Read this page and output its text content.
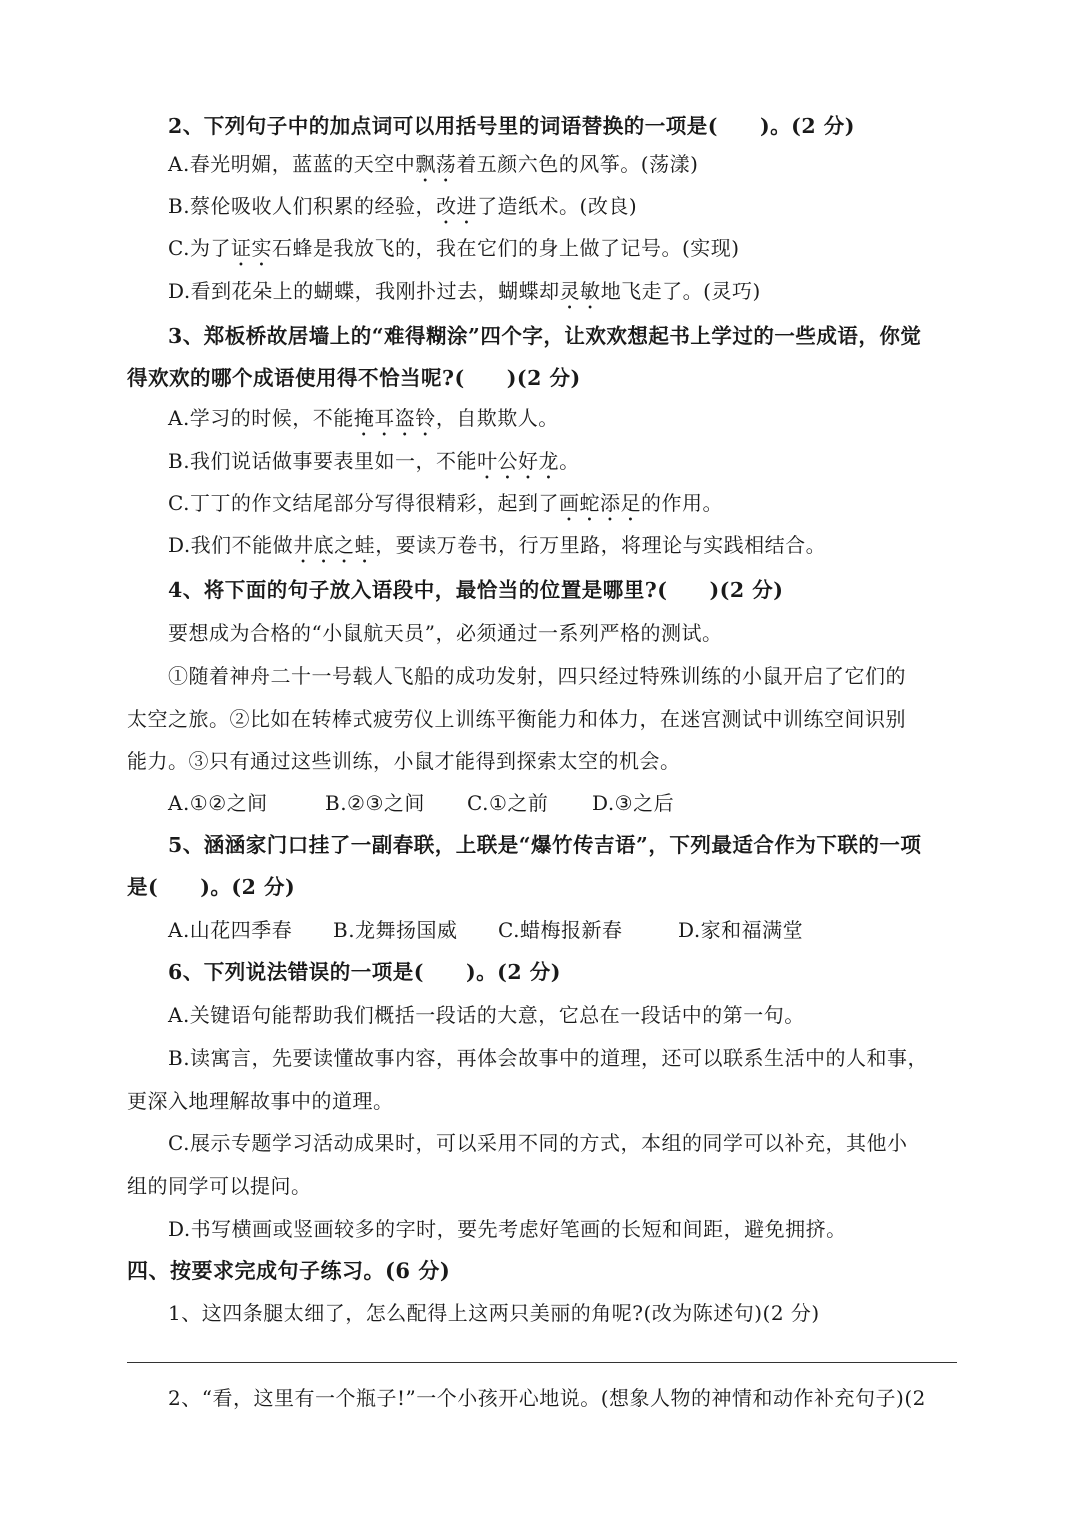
2、下列句子中的加点词可以用括号里的词语替换的一项是(　　)。(2 分)
A.春光明媚，蓝蓝的天空中飘荡着五颜六色的风筝。(荡漾)
B.蔡伦吸收人们积累的经验，改进了造纸术。(改良)
C.为了证实石蜂是我放飞的，我在它们的身上做了记号。(实现)
D.看到花朵上的蝴蝶，我刚扑过去，蝴蝶却灵敏地飞走了。(灵巧)
3、郑板桥故居墙上的“难得糊涂”四个字，让欢欢想起书上学过的一些成语，你觉
得欢欢的哪个成语使用得不恰当呢?(　　)(2 分)
A.学习的时候，不能掩耳盗铃，自欺欺人。
B.我们说话做事要表里如一，不能叶公好龙。
C.丁丁的作文结尾部分写得很精彩，起到了画蛇添足的作用。
D.我们不能做井底之蛙，要读万卷书，行万里路，将理论与实践相结合。
4、将下面的句子放入语段中，最恰当的位置是哪里?(　　)(2 分)
要想成为合格的“小鼠航天员”，必须通过一系列严格的测试。
①随着神舟二十一号载人飞船的成功发射，四只经过特殊训练的小鼠开启了它们的
太空之旅。②比如在转棒式疲劳仪上训练平衡能力和体力，在迷宫测试中训练空间识别
能力。③只有通过这些训练，小鼠才能得到探索太空的机会。
A.①②之间	B.②③之间 C.①之前 D.③之后
5、涵涵家门口挂了一副春联，上联是“爆竹传吉语”，下列最适合作为下联的一项
是(　　)。(2 分)
A.山花四季春 B.龙舞扬国威 C.蜡梅报新春	D.家和福满堂
6、下列说法错误的一项是(　　)。(2 分)
A.关键语句能帮助我们概括一段话的大意，它总在一段话中的第一句。
B.读寓言，先要读懂故事内容，再体会故事中的道理，还可以联系生活中的人和事，
更深入地理解故事中的道理。
C.展示专题学习活动成果时，可以采用不同的方式，本组的同学可以补充，其他小
组的同学可以提问。
D.书写横画或竖画较多的字时，要先考虑好笔画的长短和间距，避免拥挤。
四、按要求完成句子练习。(6 分)
1、这四条腿太细了，怎么配得上这两只美丽的角呢?(改为陈述句)(2 分)
2、“看，这里有一个瓶子!”一个小孩开心地说。(想象人物的神情和动作补充句子)(2
